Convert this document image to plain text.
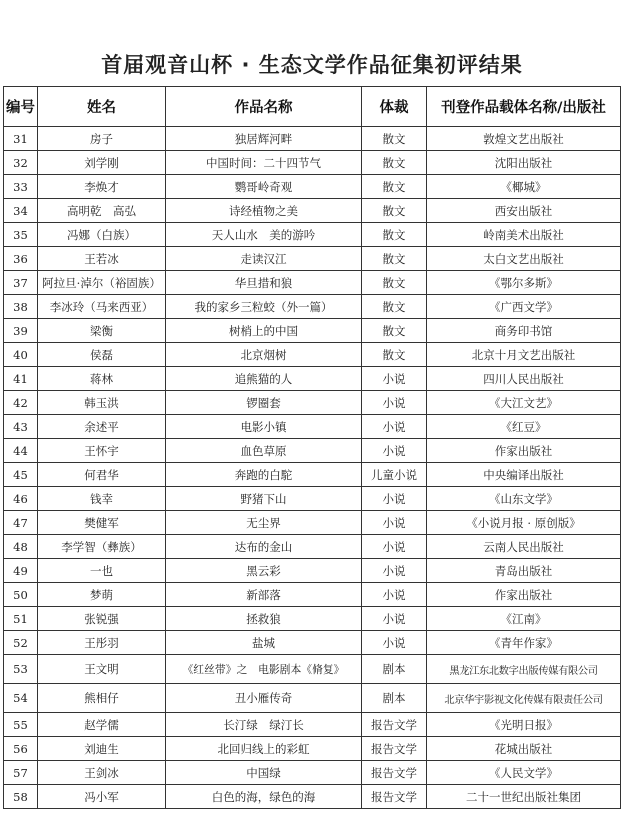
首届观音山杯 · 生态文学作品征集初评结果
编号	姓名	作品名称	体裁	刊登作品载体名称/出版社
31	房子	独居辉河畔	散文	敦煌文艺出版社
32	刘学刚	中国时间：二十四节气	散文	沈阳出版社
33	李焕才	鹦哥岭奇观	散文	《椰城》
34	高明乾　高弘	诗经植物之美	散文	西安出版社
35	冯娜（白族）	天人山水　美的游吟	散文	岭南美术出版社
36	王若冰	走读汉江	散文	太白文艺出版社
37	阿拉旦·淖尔（裕固族）	华旦措和狼	散文	《鄂尔多斯》
38	李冰玲（马来西亚）	我的家乡三粒蛟（外一篇）	散文	《广西文学》
39	梁衡	树梢上的中国	散文	商务印书馆
40	侯磊	北京烟树	散文	北京十月文艺出版社
41	蒋林	追熊猫的人	小说	四川人民出版社
42	韩玉洪	锣圈套	小说	《大江文艺》
43	余述平	电影小镇	小说	《红豆》
44	王怀宇	血色草原	小说	作家出版社
45	何君华	奔跑的白駝	儿童小说	中央编译出版社
46	钱幸	野猪下山	小说	《山东文学》
47	樊健军	无尘界	小说	《小说月报 · 原创版》
48	李学智（彝族）	达布的金山	小说	云南人民出版社
49	一也	黑云彩	小说	青岛出版社
50	梦萌	新部落	小说	作家出版社
51	张锐强	拯救狼	小说	《江南》
52	王彤羽	盐城	小说	《青年作家》
53	王文明	《红丝带》之　电影剧本《脩复》	剧本	黑龙江东北数字出版传媒有限公司
54	熊相仔	丑小雁传奇	剧本	北京华宇影视文化传媒有限责任公司
55	赵学儒	长汀绿　绿汀长	报告文学	《光明日报》
56	刘迪生	北回归线上的彩虹	报告文学	花城出版社
57	王剑冰	中国绿	报告文学	《人民文学》
58	冯小军	白色的海，绿色的海	报告文学	二十一世纪出版社集团
